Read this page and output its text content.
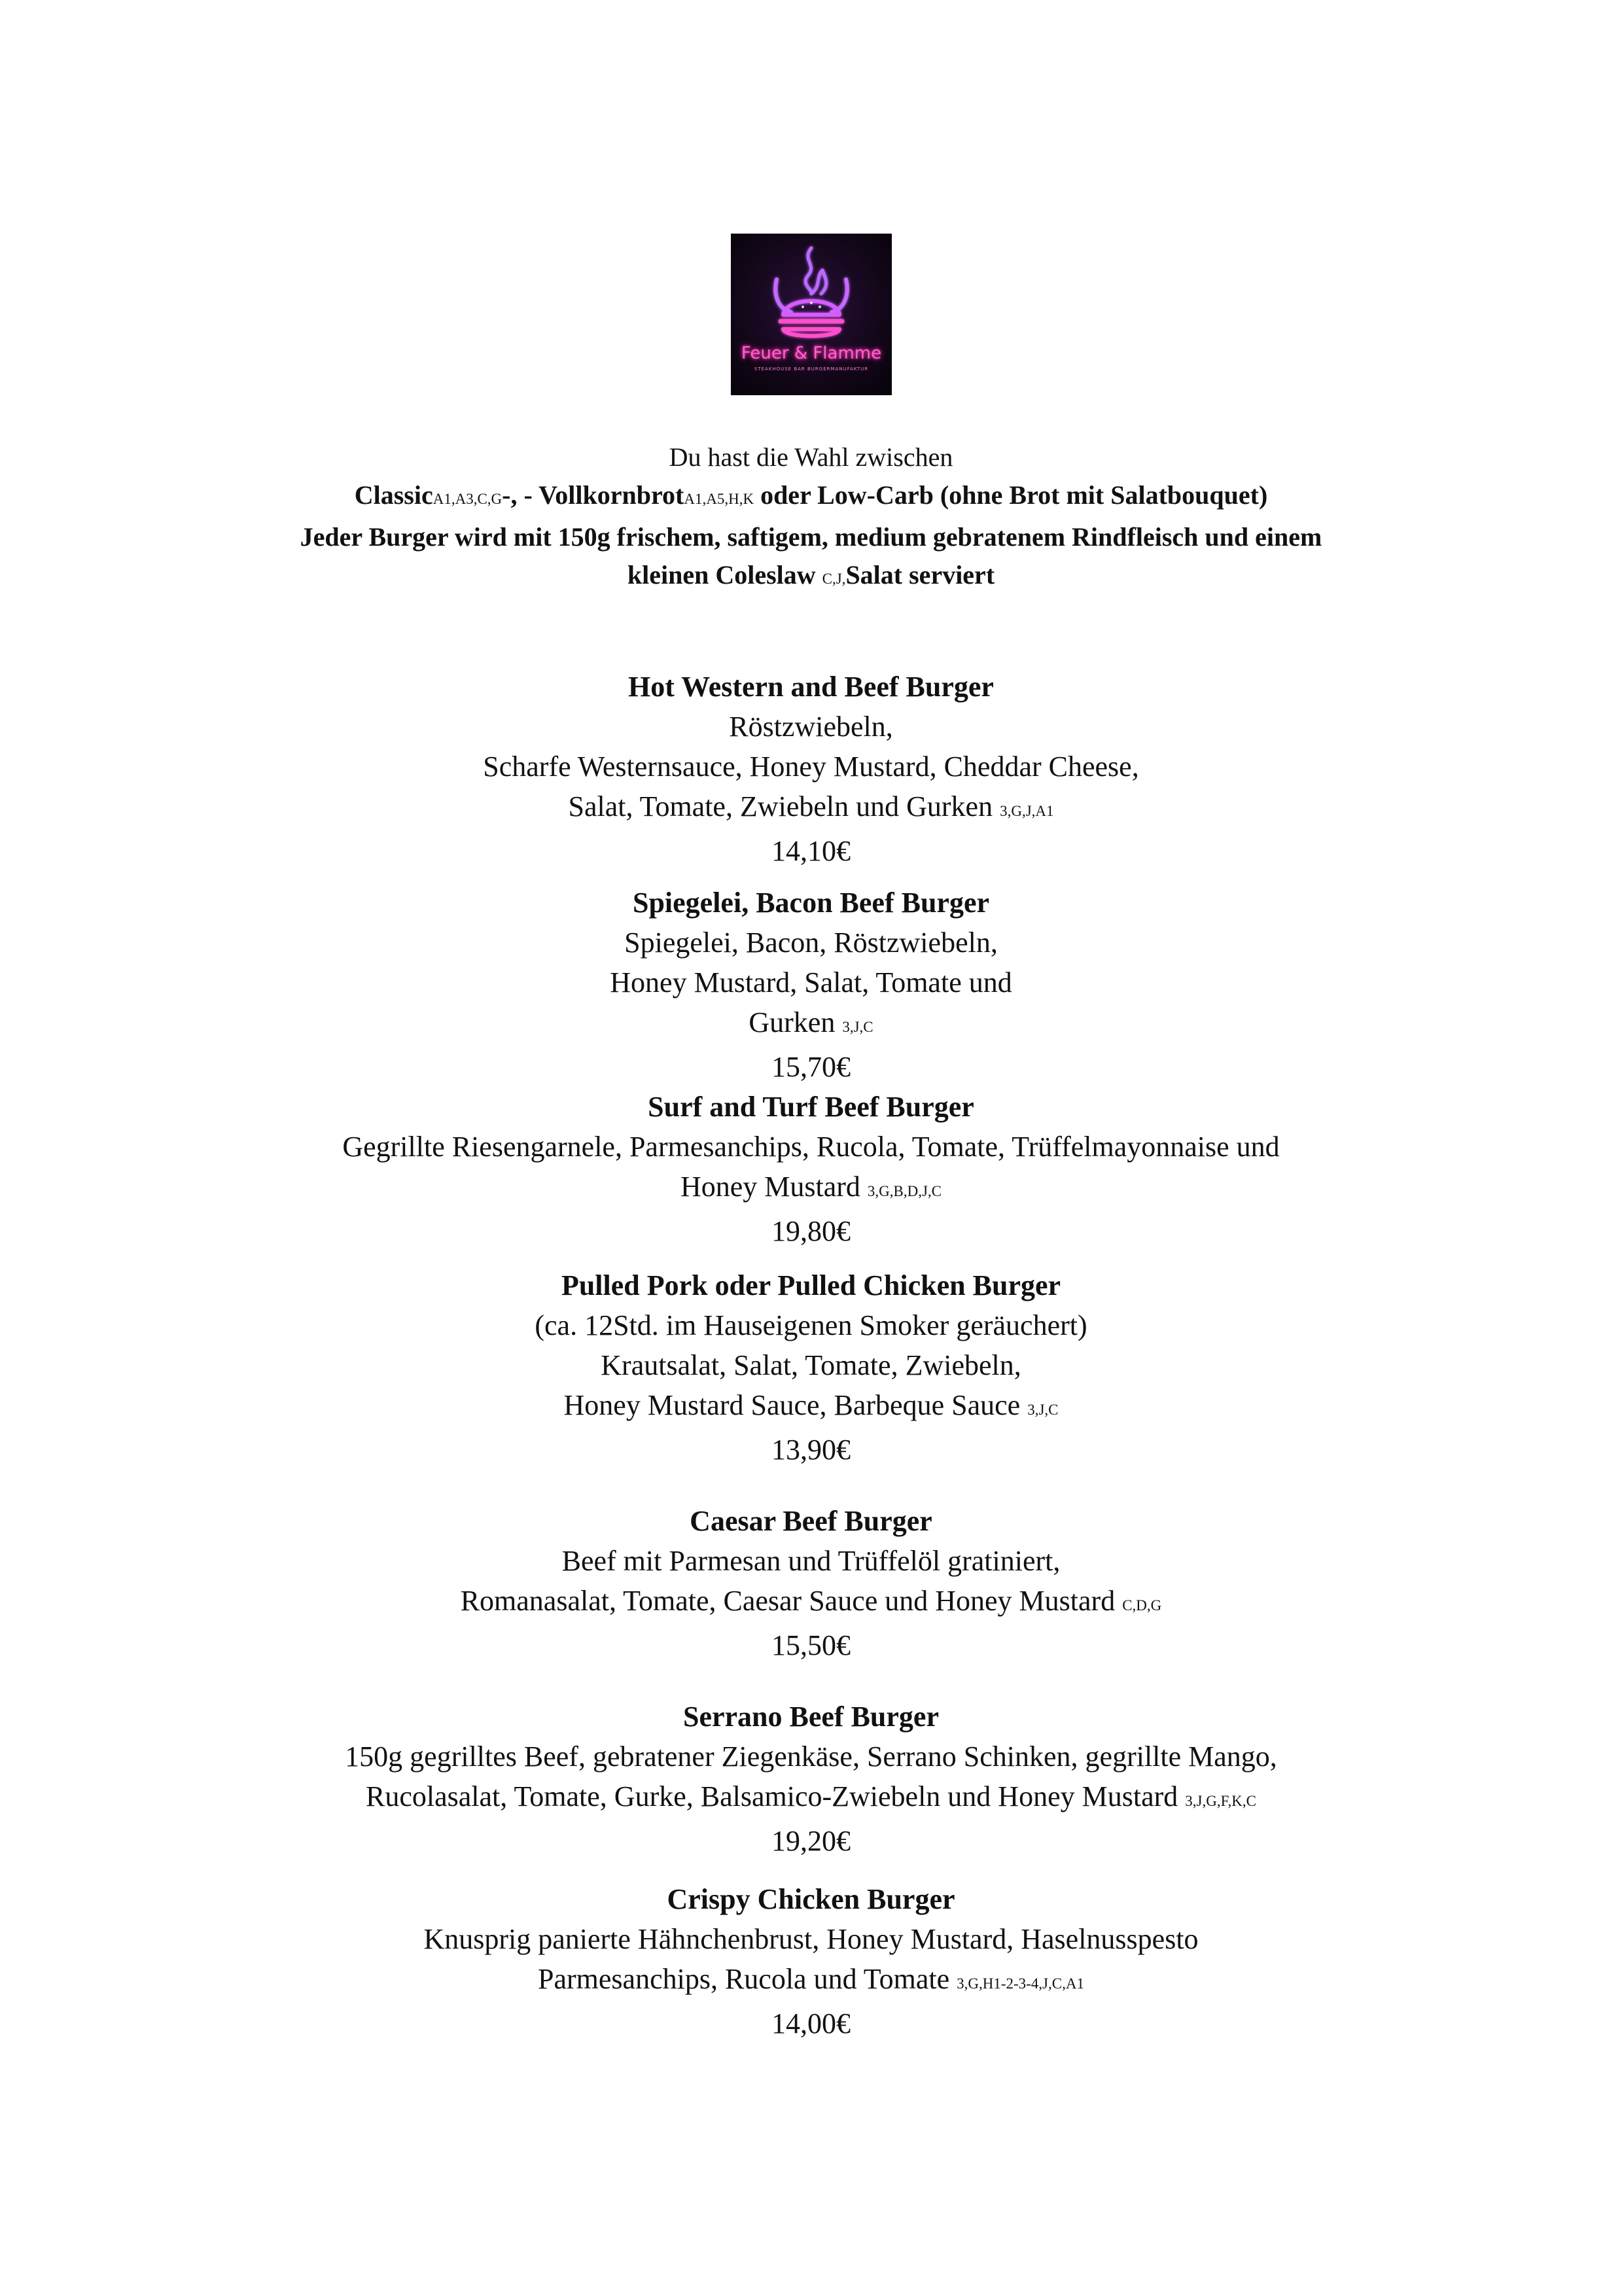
Feuer & Flamme
STEAKHOUSE BAR BURGERMANUFAKTUR
Du hast die Wahl zwischen
ClassicA1,A3,C,G-, - VollkornbrotA1,A5,H,K oder Low-Carb (ohne Brot mit Salatbouquet)
Jeder Burger wird mit 150g frischem, saftigem, medium gebratenem Rindfleisch und einem
kleinen Coleslaw C,J,Salat serviert
Hot Western and Beef Burger
Röstzwiebeln,
Scharfe Westernsauce, Honey Mustard, Cheddar Cheese,
Salat, Tomate, Zwiebeln und Gurken 3,G,J,A1
14,10€
Spiegelei, Bacon Beef Burger
Spiegelei, Bacon, Röstzwiebeln,
Honey Mustard, Salat, Tomate und
Gurken 3,J,C
15,70€
Surf and Turf Beef Burger
Gegrillte Riesengarnele, Parmesanchips, Rucola, Tomate, Trüffelmayonnaise und
Honey Mustard 3,G,B,D,J,C
19,80€
Pulled Pork oder Pulled Chicken Burger
(ca. 12Std. im Hauseigenen Smoker geräuchert)
Krautsalat, Salat, Tomate, Zwiebeln,
Honey Mustard Sauce, Barbeque Sauce 3,J,C
13,90€
Caesar Beef Burger
Beef mit Parmesan und Trüffelöl gratiniert,
Romanasalat, Tomate, Caesar Sauce und Honey Mustard C,D,G
15,50€
Serrano Beef Burger
150g gegrilltes Beef, gebratener Ziegenkäse, Serrano Schinken, gegrillte Mango,
Rucolasalat, Tomate, Gurke, Balsamico-Zwiebeln und Honey Mustard 3,J,G,F,K,C
19,20€
Crispy Chicken Burger
Knusprig panierte Hähnchenbrust, Honey Mustard, Haselnusspesto
Parmesanchips, Rucola und Tomate 3,G,H1-2-3-4,J,C,A1
14,00€
